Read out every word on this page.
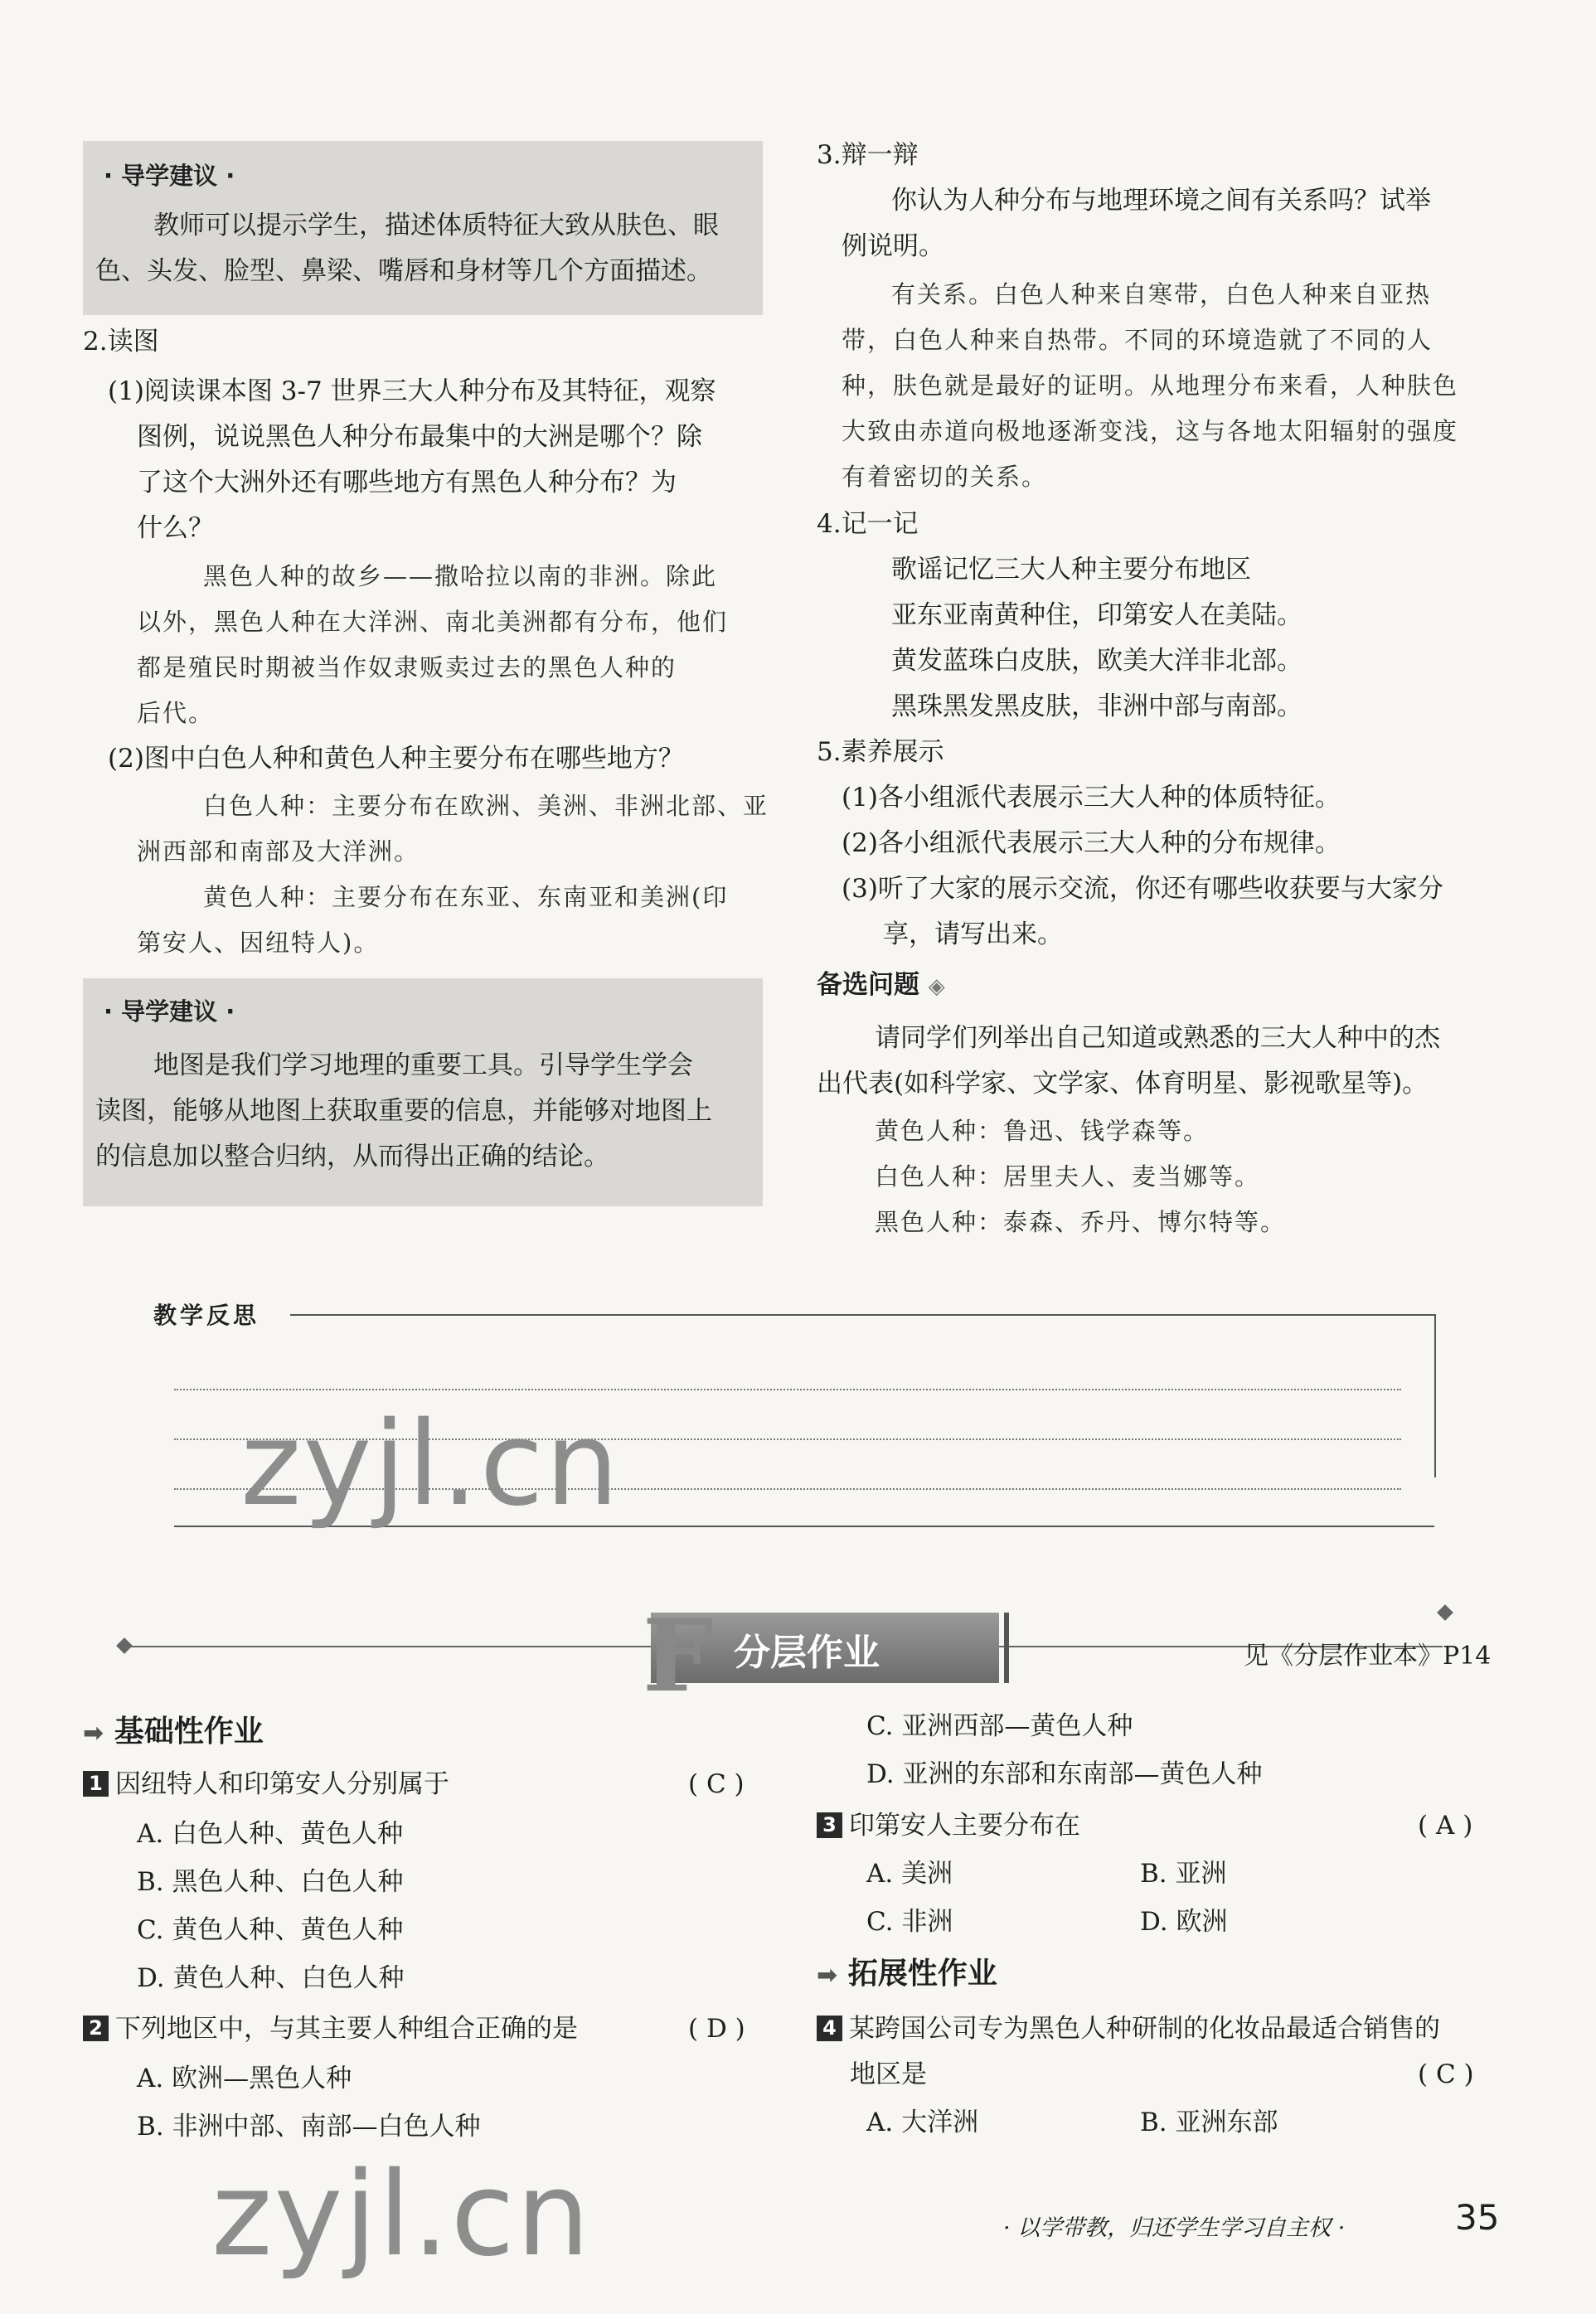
· 导学建议 ·
教师可以提示学生，描述体质特征大致从肤色、眼
色、头发、脸型、鼻梁、嘴唇和身材等几个方面描述。
2.读图
(1)阅读课本图 3-7 世界三大人种分布及其特征，观察
图例，说说黑色人种分布最集中的大洲是哪个？除
了这个大洲外还有哪些地方有黑色人种分布？为
什么？
黑色人种的故乡——撒哈拉以南的非洲。除此
以外，黑色人种在大洋洲、南北美洲都有分布，他们
都是殖民时期被当作奴隶贩卖过去的黑色人种的
后代。
(2)图中白色人种和黄色人种主要分布在哪些地方？
白色人种：主要分布在欧洲、美洲、非洲北部、亚
洲西部和南部及大洋洲。
黄色人种：主要分布在东亚、东南亚和美洲(印
第安人、因纽特人)。
· 导学建议 ·
地图是我们学习地理的重要工具。引导学生学会
读图，能够从地图上获取重要的信息，并能够对地图上
的信息加以整合归纳，从而得出正确的结论。
3.辩一辩
你认为人种分布与地理环境之间有关系吗？试举
例说明。
有关系。白色人种来自寒带，白色人种来自亚热
带，白色人种来自热带。不同的环境造就了不同的人
种，肤色就是最好的证明。从地理分布来看，人种肤色
大致由赤道向极地逐渐变浅，这与各地太阳辐射的强度
有着密切的关系。
4.记一记
歌谣记忆三大人种主要分布地区
亚东亚南黄种住，印第安人在美陆。
黄发蓝珠白皮肤，欧美大洋非北部。
黑珠黑发黑皮肤，非洲中部与南部。
5.素养展示
(1)各小组派代表展示三大人种的体质特征。
(2)各小组派代表展示三大人种的分布规律。
(3)听了大家的展示交流，你还有哪些收获要与大家分
享，请写出来。
备选问题 ◈
请同学们列举出自己知道或熟悉的三大人种中的杰
出代表(如科学家、文学家、体育明星、影视歌星等)。
黄色人种：鲁迅、钱学森等。
白色人种：居里夫人、麦当娜等。
黑色人种：泰森、乔丹、博尔特等。
教学反思
zyjl.cn
F 分层作业	见《分层作业本》P14
➡ 基础性作业
1 因纽特人和印第安人分别属于	( C )
A. 白色人种、黄色人种
B. 黑色人种、白色人种
C. 黄色人种、黄色人种
D. 黄色人种、白色人种
2 下列地区中，与其主要人种组合正确的是	( D )
A. 欧洲—黑色人种
B. 非洲中部、南部—白色人种
C. 亚洲西部—黄色人种
D. 亚洲的东部和东南部—黄色人种
3 印第安人主要分布在	( A )
A. 美洲	B. 亚洲
C. 非洲	D. 欧洲
➡ 拓展性作业
4 某跨国公司专为黑色人种研制的化妆品最适合销售的
地区是	( C )
A. 大洋洲	B. 亚洲东部
zyjl.cn	· 以学带教，归还学生学习自主权 ·	35
